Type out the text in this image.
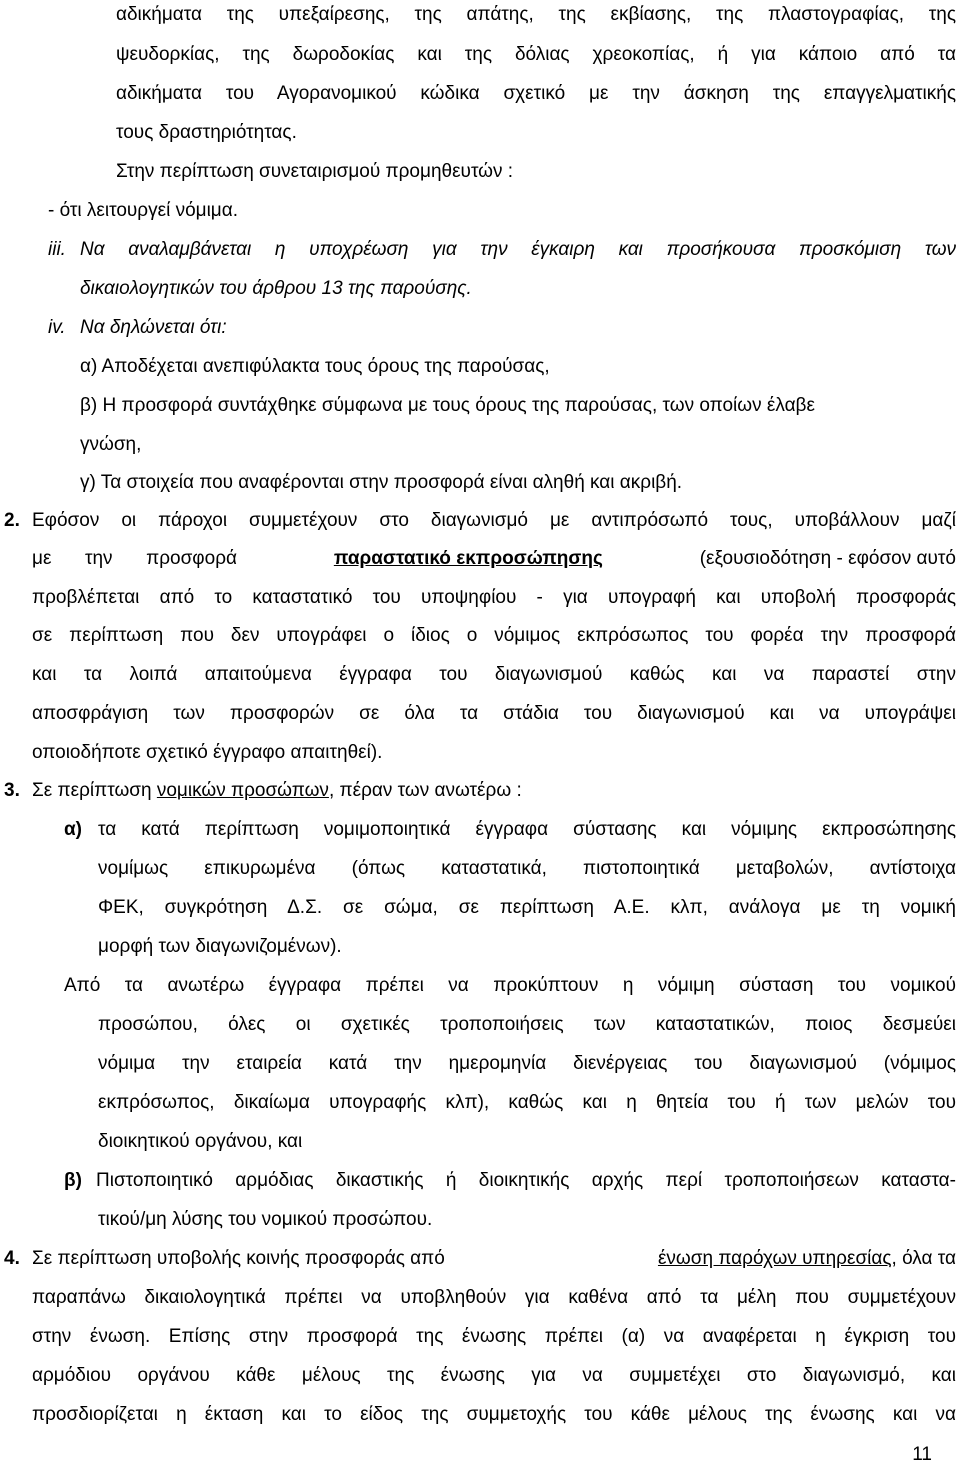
αδικήματα της υπεξαίρεσης, της απάτης, της εκβίασης, της πλαστογραφίας, της
ψευδορκίας, της δωροδοκίας και της δόλιας χρεοκοπίας, ή για κάποιο από τα
αδικήματα του Αγορανομικού κώδικα σχετικό με την άσκηση της επαγγελματικής
τους δραστηριότητας.
Στην περίπτωση συνεταιρισμού προμηθευτών :
- ότι λειτουργεί νόμιμα.
iii. Να αναλαμβάνεται η υποχρέωση για την έγκαιρη και προσήκουσα προσκόμιση των
δικαιολογητικών του άρθρου 13 της παρούσης.
iv. Να δηλώνεται ότι:
α) Αποδέχεται ανεπιφύλακτα τους όρους της παρούσας,
β) Η προσφορά συντάχθηκε σύμφωνα με τους όρους της παρούσας, των οποίων έλαβε
γνώση,
γ) Τα στοιχεία που αναφέρονται στην προσφορά είναι αληθή και ακριβή.
2. Εφόσον οι πάροχοι συμμετέχουν στο διαγωνισμό με αντιπρόσωπό τους, υποβάλλουν μαζί
με την προσφορά	παραστατικό εκπροσώπησης	(εξουσιοδότηση - εφόσον αυτό
προβλέπεται από το καταστατικό του υποψηφίου - για υπογραφή και υποβολή προσφοράς
σε περίπτωση που δεν υπογράφει ο ίδιος ο νόμιμος εκπρόσωπος του φορέα την προσφορά
και τα λοιπά απαιτούμενα έγγραφα του διαγωνισμού καθώς και να παραστεί στην
αποσφράγιση των προσφορών σε όλα τα στάδια του διαγωνισμού και να υπογράψει
οποιοδήποτε σχετικό έγγραφο απαιτηθεί).
3. Σε περίπτωση νομικών προσώπων, πέραν των ανωτέρω :
α) τα κατά περίπτωση νομιμοποιητικά έγγραφα σύστασης και νόμιμης εκπροσώπησης
νομίμως επικυρωμένα (όπως καταστατικά, πιστοποιητικά μεταβολών, αντίστοιχα
ΦΕΚ, συγκρότηση Δ.Σ. σε σώμα, σε περίπτωση Α.Ε. κλπ, ανάλογα με τη νομική
μορφή των διαγωνιζομένων).
Από τα ανωτέρω έγγραφα πρέπει να προκύπτουν η νόμιμη σύσταση του νομικού
προσώπου, όλες οι σχετικές τροποποιήσεις των καταστατικών, ποιος δεσμεύει
νόμιμα την εταιρεία κατά την ημερομηνία διενέργειας του διαγωνισμού (νόμιμος
εκπρόσωπος, δικαίωμα υπογραφής κλπ), καθώς και η θητεία του ή των μελών του
διοικητικού οργάνου, και
β) Πιστοποιητικό αρμόδιας δικαστικής ή διοικητικής αρχής περί τροποποιήσεων καταστα-
τικού/μη λύσης του νομικού προσώπου.
4. Σε περίπτωση υποβολής κοινής προσφοράς από	ένωση παρόχων υπηρεσίας, όλα τα
παραπάνω δικαιολογητικά πρέπει να υποβληθούν για καθένα από τα μέλη που συμμετέχουν
στην ένωση. Επίσης στην προσφορά της ένωσης πρέπει (α) να αναφέρεται η έγκριση του
αρμόδιου οργάνου κάθε μέλους της ένωσης για να συμμετέχει στο διαγωνισμό, και
προσδιορίζεται η έκταση και το είδος της συμμετοχής του κάθε μέλους της ένωσης και να
11
